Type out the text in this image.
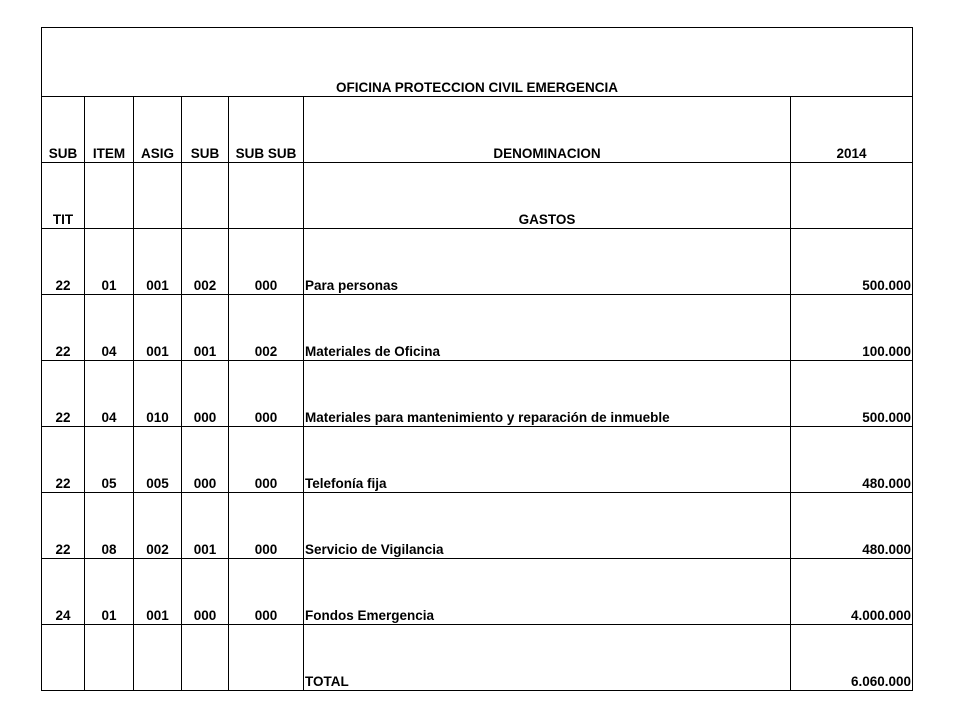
OFICINA PROTECCION CIVIL EMERGENCIA						
SUB	ITEM	ASIG	SUB	SUB SUB	DENOMINACION	2014
TIT					GASTOS	
22	01	001	002	000	Para personas	500.000
22	04	001	001	002	Materiales de Oficina	100.000
22	04	010	000	000	Materiales para mantenimiento y reparación de inmueble	500.000
22	05	005	000	000	Telefonía fija	480.000
22	08	002	001	000	Servicio de Vigilancia	480.000
24	01	001	000	000	Fondos Emergencia	4.000.000
					TOTAL	6.060.000
